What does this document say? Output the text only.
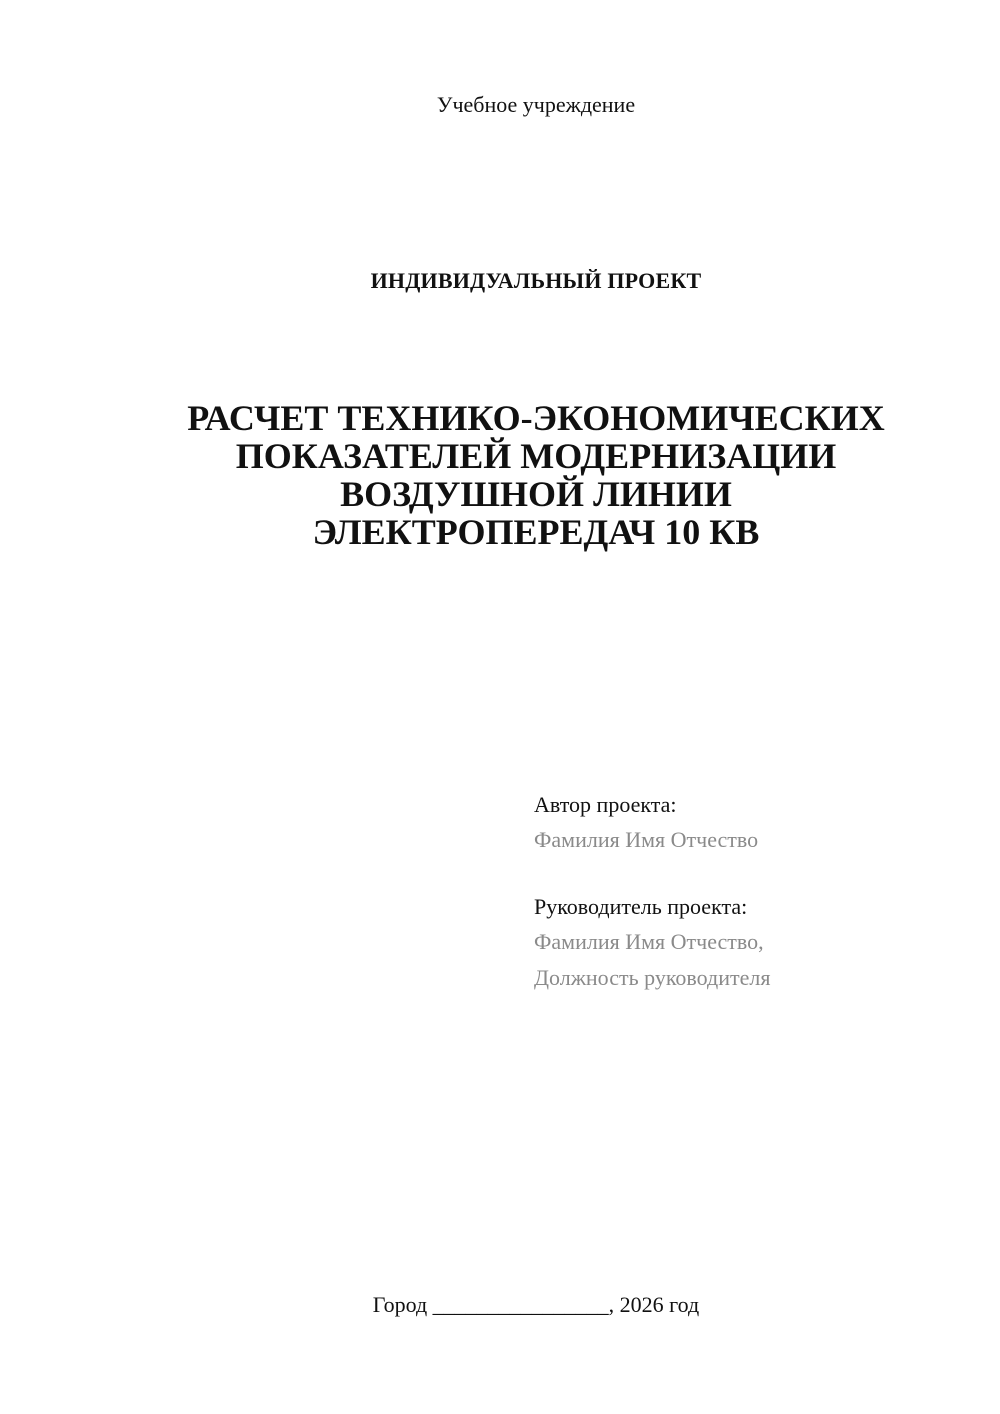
Учебное учреждение
ИНДИВИДУАЛЬНЫЙ ПРОЕКТ
РАСЧЕТ ТЕХНИКО-ЭКОНОМИЧЕСКИХ
ПОКАЗАТЕЛЕЙ МОДЕРНИЗАЦИИ
ВОЗДУШНОЙ ЛИНИИ
ЭЛЕКТРОПЕРЕДАЧ 10 КВ
Автор проекта:
Фамилия Имя Отчество
Руководитель проекта:
Фамилия Имя Отчество,
Должность руководителя
Город ________________, 2026 год
